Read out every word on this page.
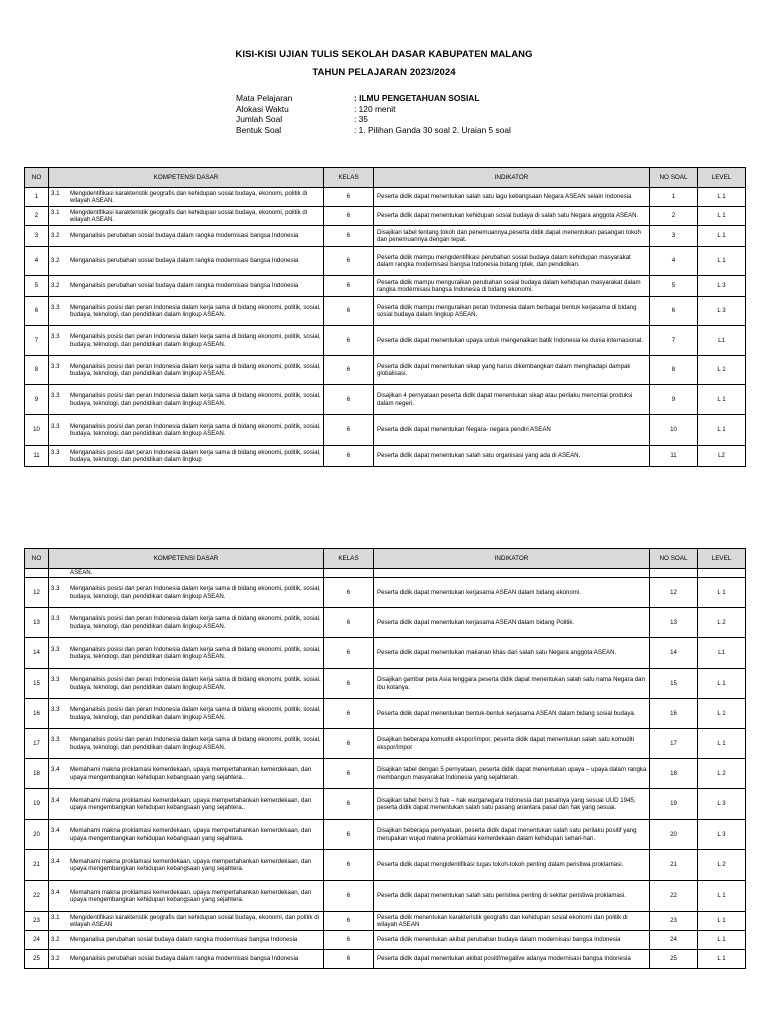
KISI-KISI UJIAN TULIS SEKOLAH DASAR KABUPATEN MALANG
TAHUN PELAJARAN 2023/2024
Mata Pelajaran	: ILMU PENGETAHUAN SOSIAL
Alokasi Waktu	: 120 menit
Jumlah Soal	: 35
Bentuk Soal	: 1. Pilihan Ganda 30 soal 2. Uraian 5 soal
NO	KOMPETENSI DASAR	KELAS	INDIKATOR	NO SOAL	LEVEL
1	3.1 Mengidentifikasi karakteristik geografis dan kehidupan sosial budaya, ekonomi, politik di wilayah ASEAN.	6	Peserta didik dapat menentukan salah satu lagu kebangsaan Negara ASEAN selain Indonesia	1	L 1
2	3.1 Mengidentifikasi karakteristik geografis dan kehidupan sosial budaya, ekonomi, politik di wilayah ASEAN.	6	Peserta didik dapat menentukan kehidupan sosial budaya di salah satu Negara anggota ASEAN.	2	L 1
3	3.2 Menganalisis perubahan sosial budaya dalam rangka modernisasi bangsa Indonesia	6	Disajikan tabel tentang tokoh dan penemuannya,peserta didik dapat menentukan pasangan tokoh dan penemuannya dengan tepat.	3	L 1
4	3.2 Menganalisis perubahan sosial budaya dalam rangka modernisasi bangsa Indonesia	6	Peserta didik mampu mengidentifikasi perubahan sosial budaya dalam kehidupan masyarakat dalam rangka modernisasi bangsa Indonesia bidang Iptek, dan pendidikan.	4	L 1
5	3.2 Menganalisis perubahan sosial budaya dalam rangka modernisasi bangsa Indonesia	6	Peserta didik mampu menguraikan perubahan sosial budaya dalam kehidupan masyarakat dalam rangka modernisasi bangsa Indonesia di bidang ekonomi.	5	L 3
6	3.3 Menganalisis posisi dan peran Indonesia dalam kerja sama di bidang ekonomi, politik, sosial, budaya, teknologi, dan pendidikan dalam lingkup ASEAN.	6	Peserta didik mampu menguraikan peran Indonesia dalam berbagai bentuk kerjasama di bidang sosial budaya dalam lingkup ASEAN.	6	L 3
7	3.3 Menganalisis posisi dan peran Indonesia dalam kerja sama di bidang ekonomi, politik, sosial, budaya, teknologi, dan pendidikan dalam lingkup ASEAN.	6	Peserta didik dapat menentukan upaya untuk mengenalkan batik Indonesia ke dunia internasional.	7	L1
8	3.3 Menganalisis posisi dan peran Indonesia dalam kerja sama di bidang ekonomi, politik, sosial, budaya, teknologi, dan pendidikan dalam lingkup ASEAN.	6	Peserta didik dapat menentukan sikap yang harus dikembangkan dalam menghadapi dampak globalisasi.	8	L 1
9	3.3 Menganalisis posisi dan peran Indonesia dalam kerja sama di bidang ekonomi, politik, sosial, budaya, teknologi, dan pendidikan dalam lingkup ASEAN.	6	Disajikan 4 pernyataan peserta didik dapat menentukan sikap atau perilaku mencintai produksi dalam negeri.	9	L 1
10	3.3 Menganalisis posisi dan peran Indonesia dalam kerja sama di bidang ekonomi, politik, sosial, budaya, teknologi, dan pendidikan dalam lingkup ASEAN.	6	Peserta didik dapat menentukan Negara- negara pendiri ASEAN	10	L 1
11	3.3 Menganalisis posisi dan peran Indonesia dalam kerja sama di bidang ekonomi, politik, sosial, budaya, teknologi, dan pendidikan dalam lingkup	6	Peserta didik dapat menentukan salah satu organisasi yang ada di ASEAN.	11	L2
NO	KOMPETENSI DASAR	KELAS	INDIKATOR	NO SOAL	LEVEL

	ASEAN.				

12	3.3 Menganalisis posisi dan peran Indonesia dalam kerja sama di bidang ekonomi, politik, sosial, budaya, teknologi, dan pendidikan dalam lingkup ASEAN.	6	Peserta didik dapat menentukan kerjasama ASEAN dalam bidang ekonomi.	12	L 1
13	3.3 Menganalisis posisi dan peran Indonesia dalam kerja sama di bidang ekonomi, politik, sosial, budaya, teknologi, dan pendidikan dalam lingkup ASEAN.	6	Peserta didik dapat menentukan kerjasama ASEAN dalam bidang Politik.	13	L 2
14	3.3 Menganalisis posisi dan peran Indonesia dalam kerja sama di bidang ekonomi, politik, sosial, budaya, teknologi, dan pendidikan dalam lingkup ASEAN.	6	Peserta didik dapat menentukan makanan khas dari salah satu Negara anggota ASEAN.	14	L1
15	3.3 Menganalisis posisi dan peran Indonesia dalam kerja sama di bidang ekonomi, politik, sosial, budaya, teknologi, dan pendidikan dalam lingkup ASEAN.	6	Disajikan gambar peta Asia tenggara peserta didik dapat menentukan salah satu nama Negara dan ibu kotanya.	15	L 1
16	3.3 Menganalisis posisi dan peran Indonesia dalam kerja sama di bidang ekonomi, politik, sosial, budaya, teknologi, dan pendidikan dalam lingkup ASEAN.	6	Peserta didik dapat menentukan bentuk-bentuk kerjasama ASEAN dalam bidang sosial budaya.	16	L 1
17	3.3 Menganalisis posisi dan peran Indonesia dalam kerja sama di bidang ekonomi, politik, sosial, budaya, teknologi, dan pendidikan dalam lingkup ASEAN.	6	Disajikan beberapa komuditi ekspor/impor, peserta didik dapat menentukan salah satu komuditi ekspor/impor	17	L 1
18	3.4 Memahami makna proklamasi kemerdekaan, upaya mempertahankan kemerdekaan, dan upaya mengembangkan kehidupan kebangsaan yang sejahtera..	6	Disajikan tabel dengan 5 pernyataan, peserta didik dapat menentukan upaya – upaya dalam rangka membangun masyarakat Indonesia yang sejahterah.	18	L 2
19	3.4 Memahami makna proklamasi kemerdekaan, upaya mempertahankan kemerdekaan, dan upaya mengembangkan kehidupan kebangsaan yang sejahtera..	6	Disajikan tabel berisi 3 hak – hak warganegara Indonesia dan pasalnya yang sesuai UUD 1945, peserta didik dapat menentukan salah satu pasang anantara pasal dan hak yang sesuai.	19	L 3
20	3.4 Memahami makna proklamasi kemerdekaan, upaya mempertahankan kemerdekaan, dan upaya mengembangkan kehidupan kebangsaan yang sejahtera.	6	Disajikan beberapa pernyataan, peserta didik dapat menentukan salah satu perilaku positif yang merupakan wujud makna proklamasi kemerdekaan dalam kehidupan sehari-hari.	20	L 3
21	3.4 Memahami makna proklamasi kemerdekaan, upaya mempertahankan kemerdekaan, dan upaya mengembangkan kehidupan kebangsaan yang sejahtera.	6	Peserta didik dapat mengidentifikasi tugas tokoh-tokoh penting dalam peristiwa proklamasi.	21	L 2
22	3.4 Memahami makna proklamasi kemerdekaan, upaya mempertahankan kemerdekaan, dan upaya mengembangkan kehidupan kebangsaan yang sejahtera.	6	Peserta didik dapat menentukan salah satu peristiwa penting di sekitar peristiwa proklamasi.	22	L 1
23	3.1 Mengidentifikasi karakteristik geografis dan kehidupan sosial budaya, ekonomi, dan politik di wilayah ASEAN	6	Peserta didik menentukan karakteristik geografis dan kehidupan sosial ekonomi dan politik di wilayah ASEAN	23	L 1
24	3.2 Menganalisa perubahan sosial budaya dalam rangka modernisasi bangsa Indonesia	6	Peserta didik menentukan akibat perubahan budaya dalam modernisasi bangsa Indonesia	24	L 1
25	3.2 Menganalisis perubahan sosial budaya dalam rangka modernisasi bangsa Indonesia	6	Peserta didik dapat menentukan akibat positif/negative adanya modernisasi bangsa Indonesia	25	L 1
